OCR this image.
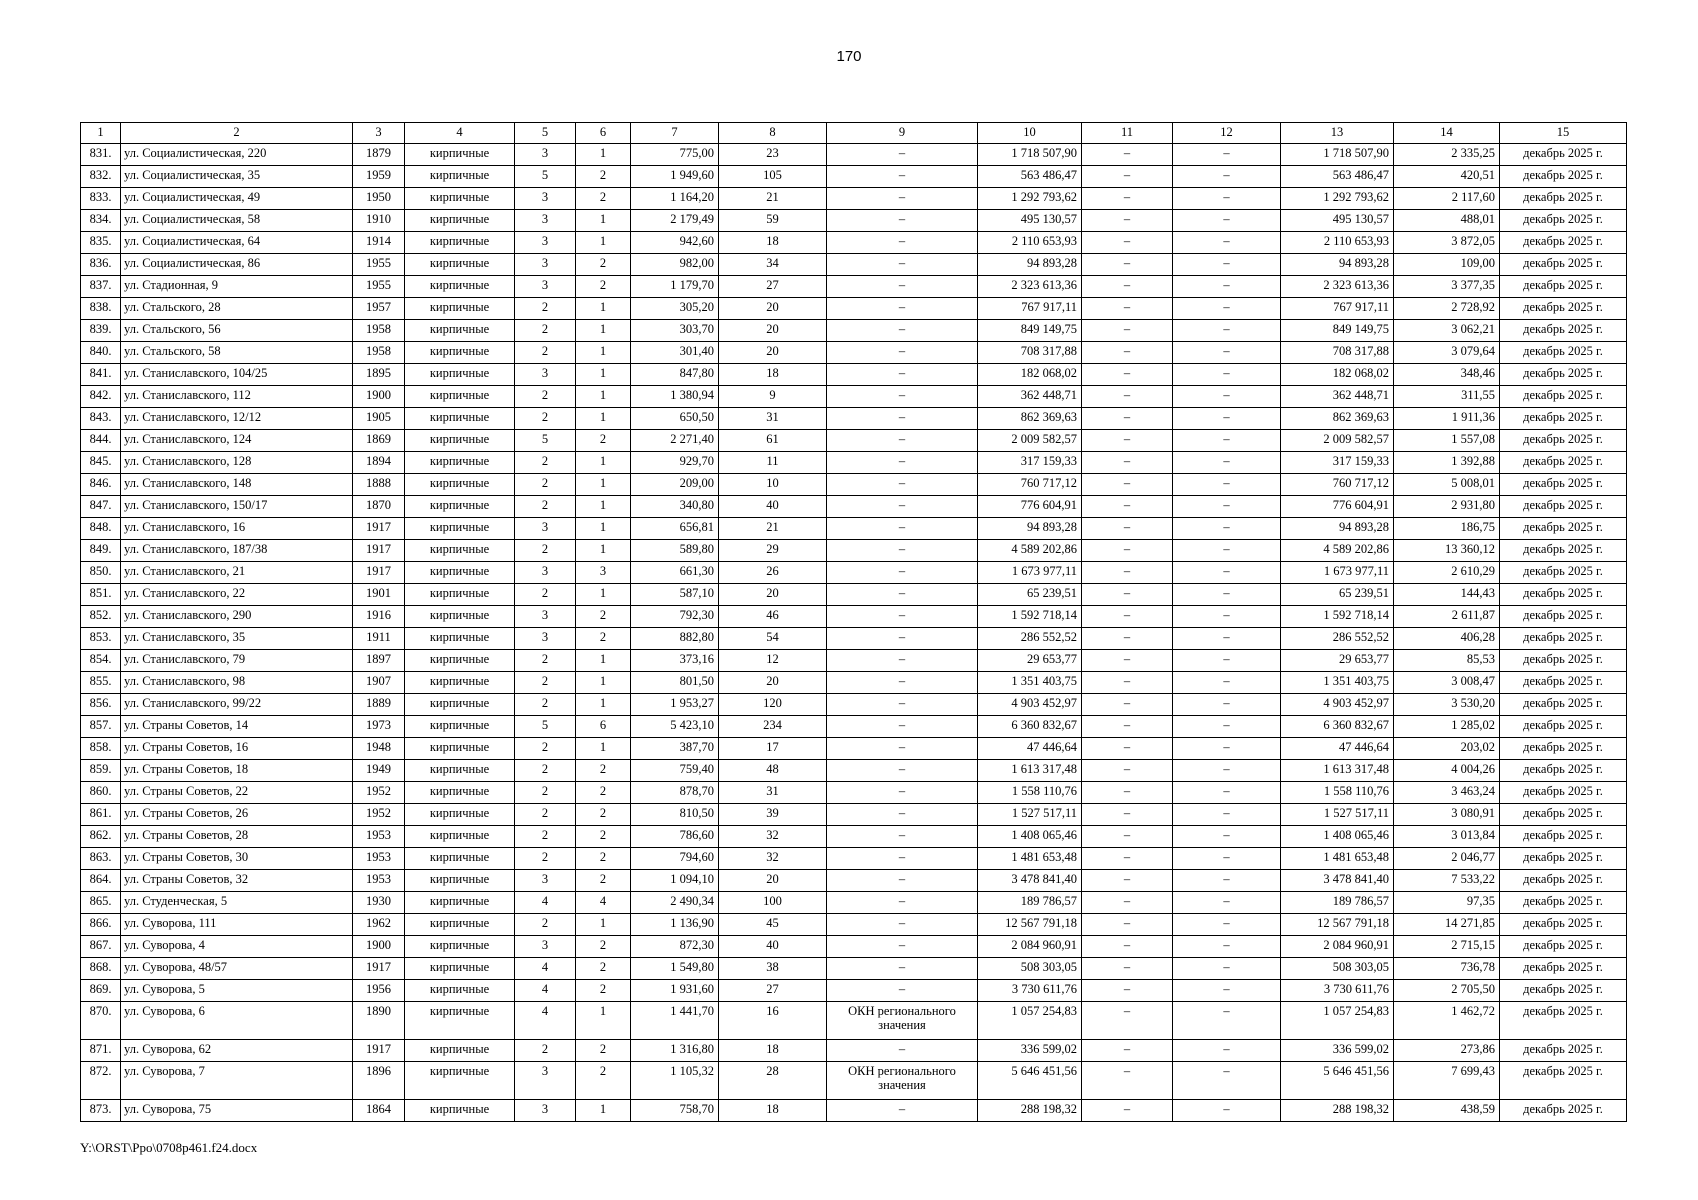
170
1	2	3	4	5	6	7	8	9	10	11	12	13	14	15
831.	ул. Социалистическая, 220	1879	кирпичные	3	1	775,00	23	–	1 718 507,90	–	–	1 718 507,90	2 335,25	декабрь 2025 г.
832.	ул. Социалистическая, 35	1959	кирпичные	5	2	1 949,60	105	–	563 486,47	–	–	563 486,47	420,51	декабрь 2025 г.
833.	ул. Социалистическая, 49	1950	кирпичные	3	2	1 164,20	21	–	1 292 793,62	–	–	1 292 793,62	2 117,60	декабрь 2025 г.
834.	ул. Социалистическая, 58	1910	кирпичные	3	1	2 179,49	59	–	495 130,57	–	–	495 130,57	488,01	декабрь 2025 г.
835.	ул. Социалистическая, 64	1914	кирпичные	3	1	942,60	18	–	2 110 653,93	–	–	2 110 653,93	3 872,05	декабрь 2025 г.
836.	ул. Социалистическая, 86	1955	кирпичные	3	2	982,00	34	–	94 893,28	–	–	94 893,28	109,00	декабрь 2025 г.
837.	ул. Стадионная, 9	1955	кирпичные	3	2	1 179,70	27	–	2 323 613,36	–	–	2 323 613,36	3 377,35	декабрь 2025 г.
838.	ул. Стальского, 28	1957	кирпичные	2	1	305,20	20	–	767 917,11	–	–	767 917,11	2 728,92	декабрь 2025 г.
839.	ул. Стальского, 56	1958	кирпичные	2	1	303,70	20	–	849 149,75	–	–	849 149,75	3 062,21	декабрь 2025 г.
840.	ул. Стальского, 58	1958	кирпичные	2	1	301,40	20	–	708 317,88	–	–	708 317,88	3 079,64	декабрь 2025 г.
841.	ул. Станиславского, 104/25	1895	кирпичные	3	1	847,80	18	–	182 068,02	–	–	182 068,02	348,46	декабрь 2025 г.
842.	ул. Станиславского, 112	1900	кирпичные	2	1	1 380,94	9	–	362 448,71	–	–	362 448,71	311,55	декабрь 2025 г.
843.	ул. Станиславского, 12/12	1905	кирпичные	2	1	650,50	31	–	862 369,63	–	–	862 369,63	1 911,36	декабрь 2025 г.
844.	ул. Станиславского, 124	1869	кирпичные	5	2	2 271,40	61	–	2 009 582,57	–	–	2 009 582,57	1 557,08	декабрь 2025 г.
845.	ул. Станиславского, 128	1894	кирпичные	2	1	929,70	11	–	317 159,33	–	–	317 159,33	1 392,88	декабрь 2025 г.
846.	ул. Станиславского, 148	1888	кирпичные	2	1	209,00	10	–	760 717,12	–	–	760 717,12	5 008,01	декабрь 2025 г.
847.	ул. Станиславского, 150/17	1870	кирпичные	2	1	340,80	40	–	776 604,91	–	–	776 604,91	2 931,80	декабрь 2025 г.
848.	ул. Станиславского, 16	1917	кирпичные	3	1	656,81	21	–	94 893,28	–	–	94 893,28	186,75	декабрь 2025 г.
849.	ул. Станиславского, 187/38	1917	кирпичные	2	1	589,80	29	–	4 589 202,86	–	–	4 589 202,86	13 360,12	декабрь 2025 г.
850.	ул. Станиславского, 21	1917	кирпичные	3	3	661,30	26	–	1 673 977,11	–	–	1 673 977,11	2 610,29	декабрь 2025 г.
851.	ул. Станиславского, 22	1901	кирпичные	2	1	587,10	20	–	65 239,51	–	–	65 239,51	144,43	декабрь 2025 г.
852.	ул. Станиславского, 290	1916	кирпичные	3	2	792,30	46	–	1 592 718,14	–	–	1 592 718,14	2 611,87	декабрь 2025 г.
853.	ул. Станиславского, 35	1911	кирпичные	3	2	882,80	54	–	286 552,52	–	–	286 552,52	406,28	декабрь 2025 г.
854.	ул. Станиславского, 79	1897	кирпичные	2	1	373,16	12	–	29 653,77	–	–	29 653,77	85,53	декабрь 2025 г.
855.	ул. Станиславского, 98	1907	кирпичные	2	1	801,50	20	–	1 351 403,75	–	–	1 351 403,75	3 008,47	декабрь 2025 г.
856.	ул. Станиславского, 99/22	1889	кирпичные	2	1	1 953,27	120	–	4 903 452,97	–	–	4 903 452,97	3 530,20	декабрь 2025 г.
857.	ул. Страны Советов, 14	1973	кирпичные	5	6	5 423,10	234	–	6 360 832,67	–	–	6 360 832,67	1 285,02	декабрь 2025 г.
858.	ул. Страны Советов, 16	1948	кирпичные	2	1	387,70	17	–	47 446,64	–	–	47 446,64	203,02	декабрь 2025 г.
859.	ул. Страны Советов, 18	1949	кирпичные	2	2	759,40	48	–	1 613 317,48	–	–	1 613 317,48	4 004,26	декабрь 2025 г.
860.	ул. Страны Советов, 22	1952	кирпичные	2	2	878,70	31	–	1 558 110,76	–	–	1 558 110,76	3 463,24	декабрь 2025 г.
861.	ул. Страны Советов, 26	1952	кирпичные	2	2	810,50	39	–	1 527 517,11	–	–	1 527 517,11	3 080,91	декабрь 2025 г.
862.	ул. Страны Советов, 28	1953	кирпичные	2	2	786,60	32	–	1 408 065,46	–	–	1 408 065,46	3 013,84	декабрь 2025 г.
863.	ул. Страны Советов, 30	1953	кирпичные	2	2	794,60	32	–	1 481 653,48	–	–	1 481 653,48	2 046,77	декабрь 2025 г.
864.	ул. Страны Советов, 32	1953	кирпичные	3	2	1 094,10	20	–	3 478 841,40	–	–	3 478 841,40	7 533,22	декабрь 2025 г.
865.	ул. Студенческая, 5	1930	кирпичные	4	4	2 490,34	100	–	189 786,57	–	–	189 786,57	97,35	декабрь 2025 г.
866.	ул. Суворова, 111	1962	кирпичные	2	1	1 136,90	45	–	12 567 791,18	–	–	12 567 791,18	14 271,85	декабрь 2025 г.
867.	ул. Суворова, 4	1900	кирпичные	3	2	872,30	40	–	2 084 960,91	–	–	2 084 960,91	2 715,15	декабрь 2025 г.
868.	ул. Суворова, 48/57	1917	кирпичные	4	2	1 549,80	38	–	508 303,05	–	–	508 303,05	736,78	декабрь 2025 г.
869.	ул. Суворова, 5	1956	кирпичные	4	2	1 931,60	27	–	3 730 611,76	–	–	3 730 611,76	2 705,50	декабрь 2025 г.
870.	ул. Суворова, 6	1890	кирпичные	4	1	1 441,70	16	ОКН регионального значения	1 057 254,83	–	–	1 057 254,83	1 462,72	декабрь 2025 г.
871.	ул. Суворова, 62	1917	кирпичные	2	2	1 316,80	18	–	336 599,02	–	–	336 599,02	273,86	декабрь 2025 г.
872.	ул. Суворова, 7	1896	кирпичные	3	2	1 105,32	28	ОКН регионального значения	5 646 451,56	–	–	5 646 451,56	7 699,43	декабрь 2025 г.
873.	ул. Суворова, 75	1864	кирпичные	3	1	758,70	18	–	288 198,32	–	–	288 198,32	438,59	декабрь 2025 г.
Y:\ORST\Ppo\0708p461.f24.docx
